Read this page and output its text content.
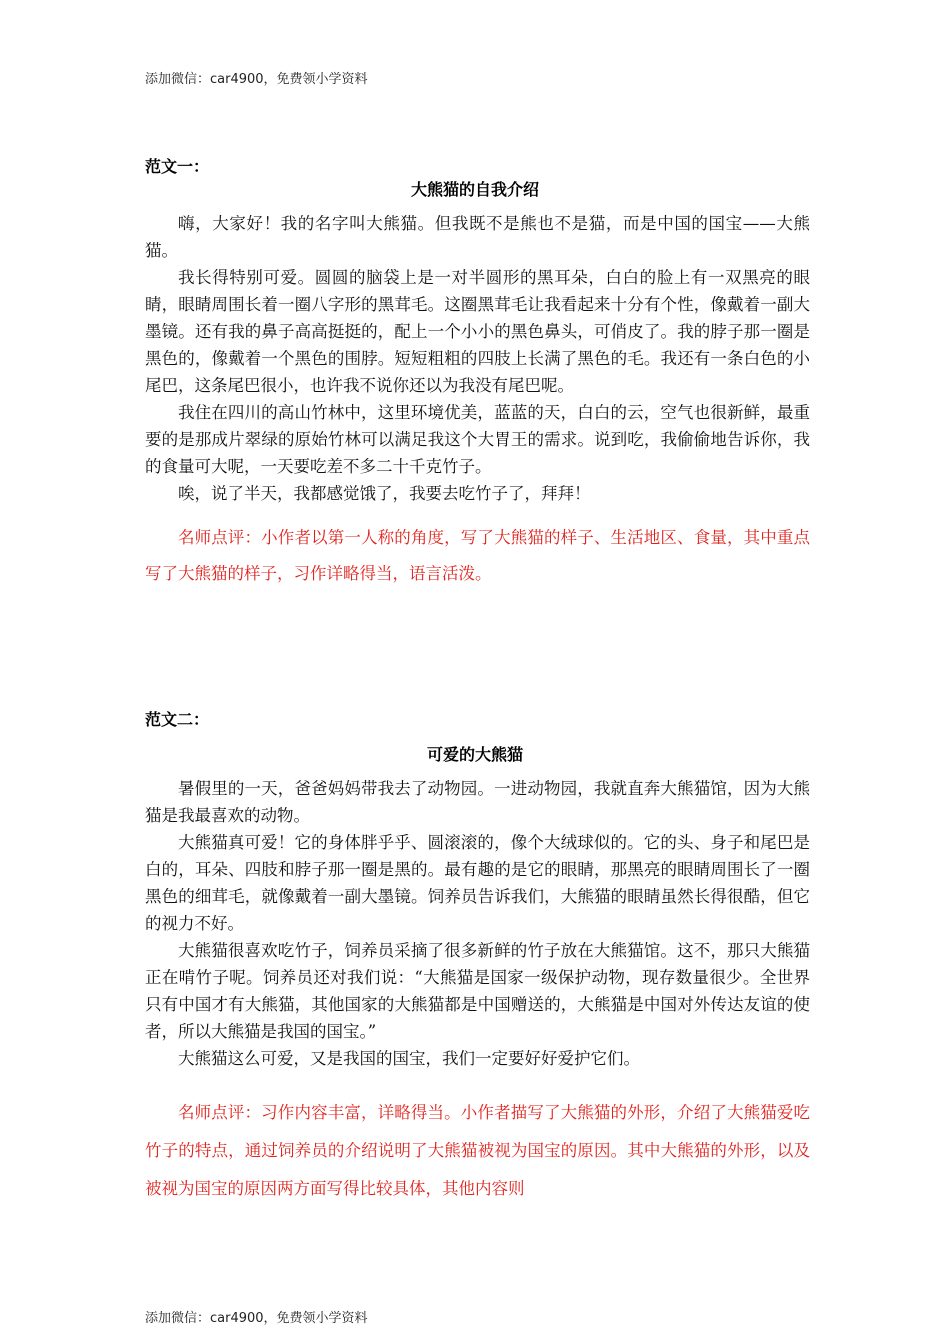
添加微信：car4900，免费领小学资料
范文一：
大熊猫的自我介绍

嗨，大家好！我的名字叫大熊猫。但我既不是熊也不是猫，而是中国的国宝——大熊猫。

我长得特别可爱。圆圆的脑袋上是一对半圆形的黑耳朵，白白的脸上有一双黑亮的眼睛，眼睛周围长着一圈八字形的黑茸毛。这圈黑茸毛让我看起来十分有个性，像戴着一副大墨镜。还有我的鼻子高高挺挺的，配上一个小小的黑色鼻头，可俏皮了。我的脖子那一圈是黑色的，像戴着一个黑色的围脖。短短粗粗的四肢上长满了黑色的毛。我还有一条白色的小尾巴，这条尾巴很小，也许我不说你还以为我没有尾巴呢。

我住在四川的高山竹林中，这里环境优美，蓝蓝的天，白白的云，空气也很新鲜，最重要的是那成片翠绿的原始竹林可以满足我这个大胃王的需求。说到吃，我偷偷地告诉你，我的食量可大呢，一天要吃差不多二十千克竹子。

唉，说了半天，我都感觉饿了，我要去吃竹子了，拜拜！

名师点评：小作者以第一人称的角度，写了大熊猫的样子、生活地区、食量，其中重点写了大熊猫的样子，习作详略得当，语言活泼。

范文二：
可爱的大熊猫

暑假里的一天，爸爸妈妈带我去了动物园。一进动物园，我就直奔大熊猫馆，因为大熊猫是我最喜欢的动物。

大熊猫真可爱！它的身体胖乎乎、圆滚滚的，像个大绒球似的。它的头、身子和尾巴是白的，耳朵、四肢和脖子那一圈是黑的。最有趣的是它的眼睛，那黑亮的眼睛周围长了一圈黑色的细茸毛，就像戴着一副大墨镜。饲养员告诉我们，大熊猫的眼睛虽然长得很酷，但它的视力不好。

大熊猫很喜欢吃竹子，饲养员采摘了很多新鲜的竹子放在大熊猫馆。这不，那只大熊猫正在啃竹子呢。饲养员还对我们说：“大熊猫是国家一级保护动物，现存数量很少。全世界只有中国才有大熊猫，其他国家的大熊猫都是中国赠送的，大熊猫是中国对外传达友谊的使者，所以大熊猫是我国的国宝。”

大熊猫这么可爱，又是我国的国宝，我们一定要好好爱护它们。

名师点评：习作内容丰富，详略得当。小作者描写了大熊猫的外形，介绍了大熊猫爱吃竹子的特点，通过饲养员的介绍说明了大熊猫被视为国宝的原因。其中大熊猫的外形，以及被视为国宝的原因两方面写得比较具体，其他内容则

添加微信：car4900，免费领小学资料
